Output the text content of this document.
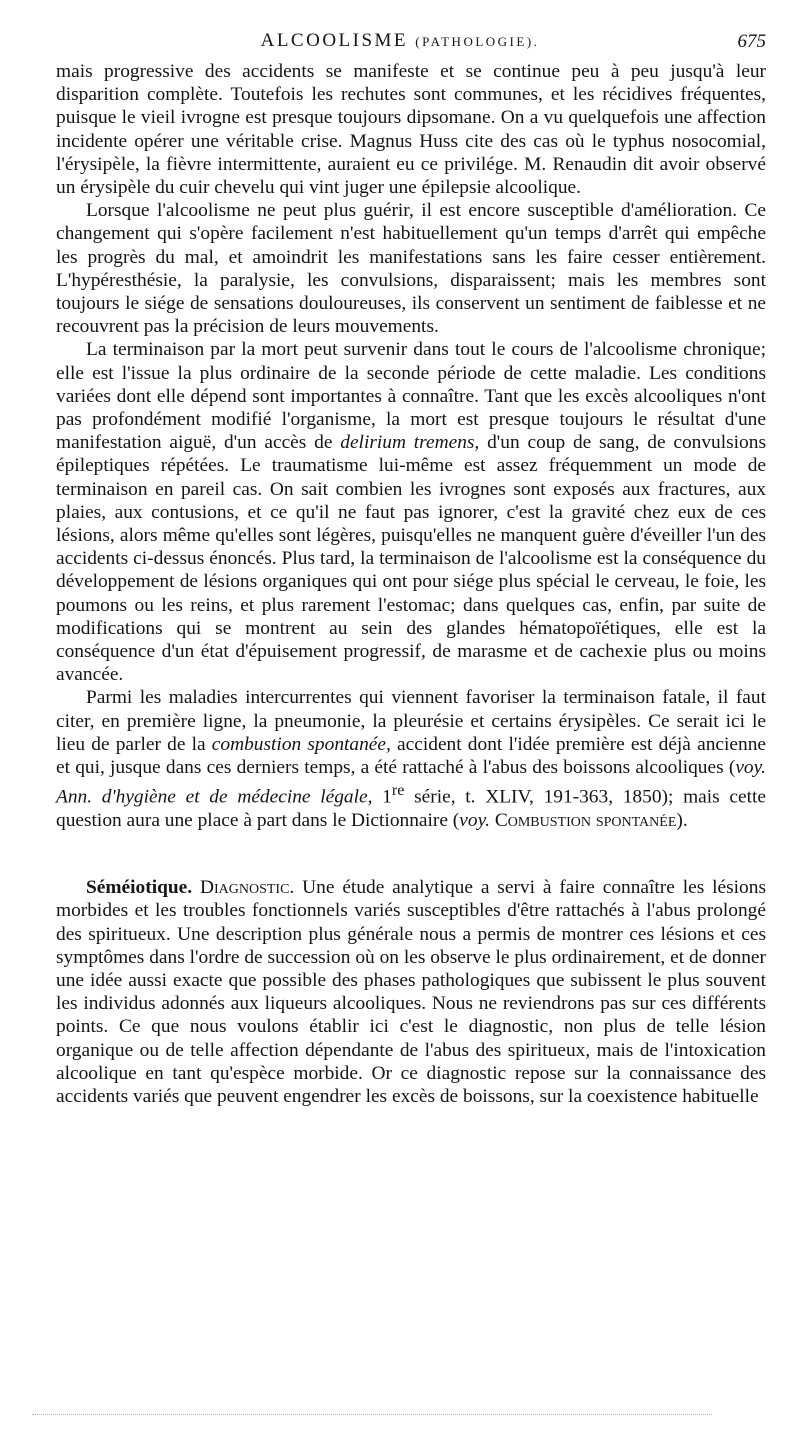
ALCOOLISME (PATHOLOGIE).	675

mais progressive des accidents se manifeste et se continue peu à peu jusqu'à leur disparition complète. Toutefois les rechutes sont communes, et les récidives fréquentes, puisque le vieil ivrogne est presque toujours dipsomane. On a vu quelquefois une affection incidente opérer une véritable crise. Magnus Huss cite des cas où le typhus nosocomial, l'érysipèle, la fièvre intermittente, auraient eu ce privilége. M. Renaudin dit avoir observé un érysipèle du cuir chevelu qui vint juger une épilepsie alcoolique.

Lorsque l'alcoolisme ne peut plus guérir, il est encore susceptible d'amélioration. Ce changement qui s'opère facilement n'est habituellement qu'un temps d'arrêt qui empêche les progrès du mal, et amoindrit les manifestations sans les faire cesser entièrement. L'hypéresthésie, la paralysie, les convulsions, disparaissent; mais les membres sont toujours le siége de sensations douloureuses, ils conservent un sentiment de faiblesse et ne recouvrent pas la précision de leurs mouvements.

La terminaison par la mort peut survenir dans tout le cours de l'alcoolisme chronique; elle est l'issue la plus ordinaire de la seconde période de cette maladie. Les conditions variées dont elle dépend sont importantes à connaître. Tant que les excès alcooliques n'ont pas profondément modifié l'organisme, la mort est presque toujours le résultat d'une manifestation aiguë, d'un accès de delirium tremens, d'un coup de sang, de convulsions épileptiques répétées. Le traumatisme lui-même est assez fréquemment un mode de terminaison en pareil cas. On sait combien les ivrognes sont exposés aux fractures, aux plaies, aux contusions, et ce qu'il ne faut pas ignorer, c'est la gravité chez eux de ces lésions, alors même qu'elles sont légères, puisqu'elles ne manquent guère d'éveiller l'un des accidents ci-dessus énoncés. Plus tard, la terminaison de l'alcoolisme est la conséquence du développement de lésions organiques qui ont pour siége plus spécial le cerveau, le foie, les poumons ou les reins, et plus rarement l'estomac; dans quelques cas, enfin, par suite de modifications qui se montrent au sein des glandes hématopoïétiques, elle est la conséquence d'un état d'épuisement progressif, de marasme et de cachexie plus ou moins avancée.

Parmi les maladies intercurrentes qui viennent favoriser la terminaison fatale, il faut citer, en première ligne, la pneumonie, la pleurésie et certains érysipèles. Ce serait ici le lieu de parler de la combustion spontanée, accident dont l'idée première est déjà ancienne et qui, jusque dans ces derniers temps, a été rattaché à l'abus des boissons alcooliques (voy. Ann. d'hygiène et de médecine légale, 1re série, t. XLIV, 191-363, 1850); mais cette question aura une place à part dans le Dictionnaire (voy. Combustion spontanée).

Séméiotique. Diagnostic. Une étude analytique a servi à faire connaître les lésions morbides et les troubles fonctionnels variés susceptibles d'être rattachés à l'abus prolongé des spiritueux. Une description plus générale nous a permis de montrer ces lésions et ces symptômes dans l'ordre de succession où on les observe le plus ordinairement, et de donner une idée aussi exacte que possible des phases pathologiques que subissent le plus souvent les individus adonnés aux liqueurs alcooliques. Nous ne reviendrons pas sur ces différents points. Ce que nous voulons établir ici c'est le diagnostic, non plus de telle lésion organique ou de telle affection dépendante de l'abus des spiritueux, mais de l'intoxication alcoolique en tant qu'espèce morbide. Or ce diagnostic repose sur la connaissance des accidents variés que peuvent engendrer les excès de boissons, sur la coexistence habituelle
